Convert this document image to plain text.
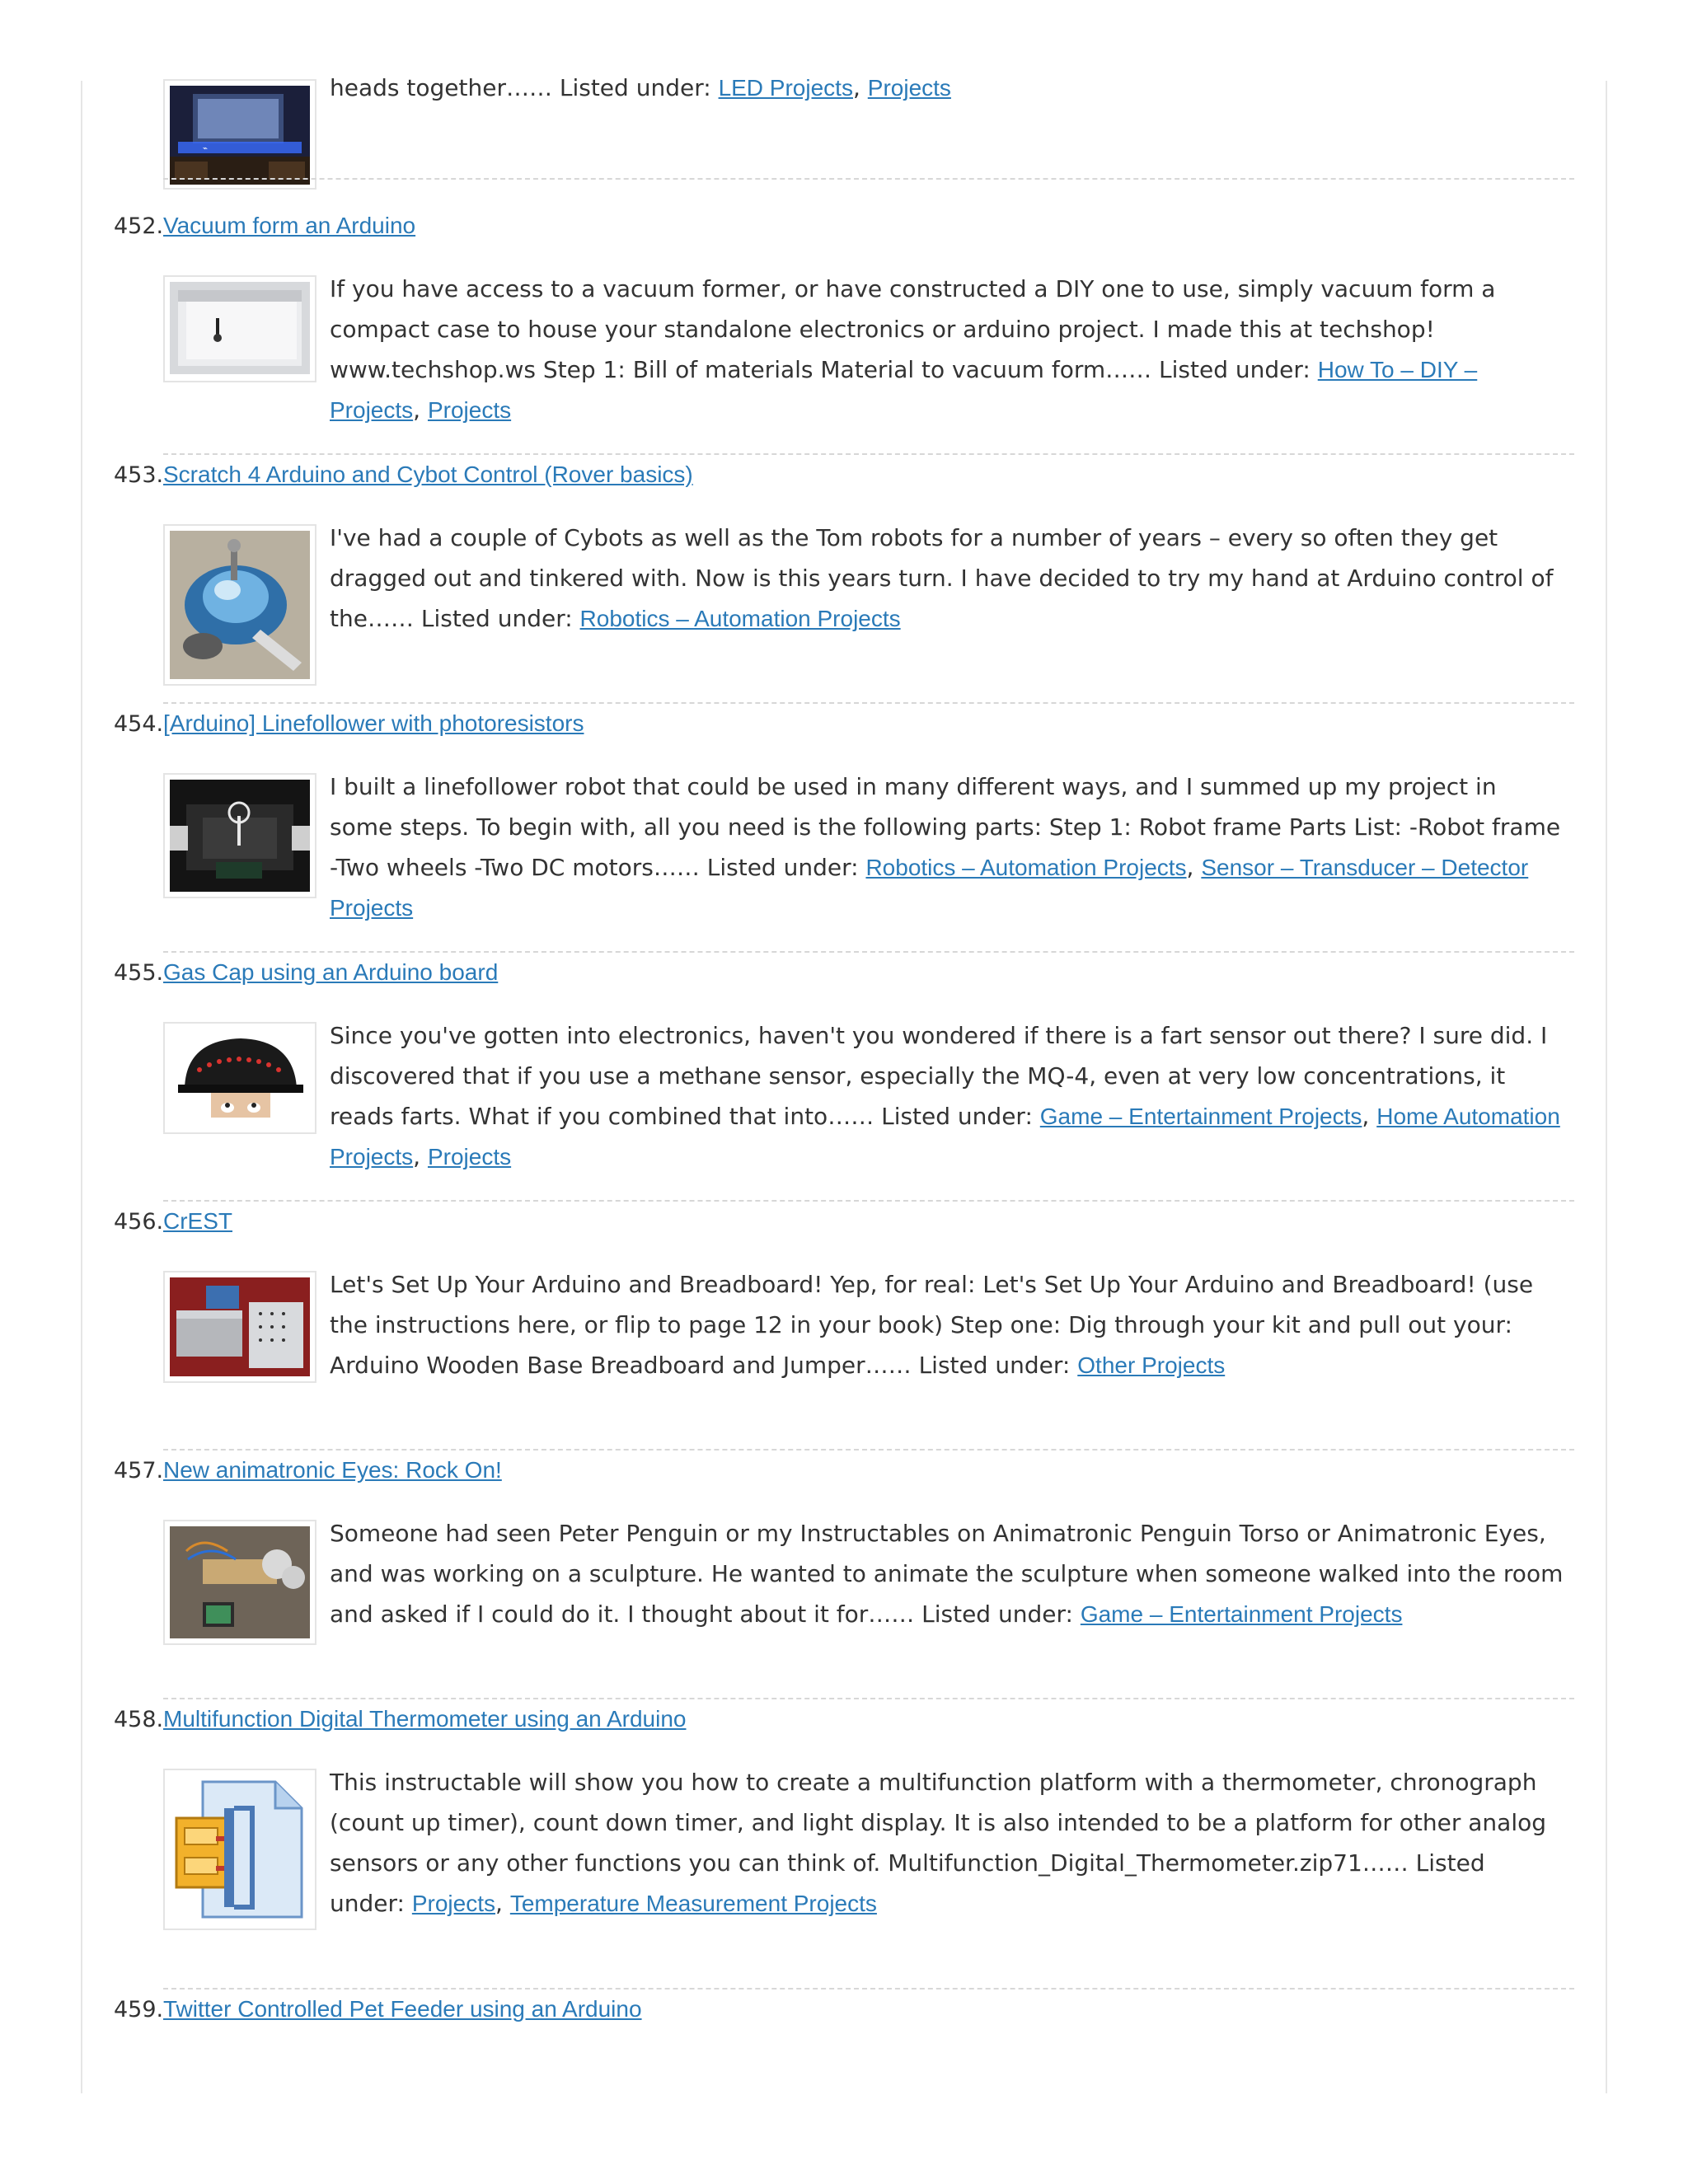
⌁
heads together…… Listed under: LED Projects, Projects
452. Vacuum form an Arduino
If you have access to a vacuum former, or have constructed a DIY one to use, simply vacuum form a compact case to house your standalone electronics or arduino project. I made this at techshop! www.techshop.ws Step 1: Bill of materials Material to vacuum form…… Listed under: How To – DIY – Projects, Projects
453. Scratch 4 Arduino and Cybot Control (Rover basics)
I've had a couple of Cybots as well as the Tom robots for a number of years – every so often they get dragged out and tinkered with. Now is this years turn. I have decided to try my hand at Arduino control of the…… Listed under: Robotics – Automation Projects
454. [Arduino] Linefollower with photoresistors
I built a linefollower robot that could be used in many different ways, and I summed up my project in some steps. To begin with, all you need is the following parts: Step 1: Robot frame Parts List: -Robot frame -Two wheels -Two DC motors…… Listed under: Robotics – Automation Projects, Sensor – Transducer – Detector Projects
455. Gas Cap using an Arduino board
Since you've gotten into electronics, haven't you wondered if there is a fart sensor out there? I sure did. I discovered that if you use a methane sensor, especially the MQ-4, even at very low concentrations, it reads farts. What if you combined that into…… Listed under: Game – Entertainment Projects, Home Automation Projects, Projects
456. CrEST
Let's Set Up Your Arduino and Breadboard! Yep, for real: Let's Set Up Your Arduino and Breadboard! (use the instructions here, or flip to page 12 in your book) Step one: Dig through your kit and pull out your: Arduino Wooden Base Breadboard and Jumper…… Listed under: Other Projects
457. New animatronic Eyes: Rock On!
Someone had seen Peter Penguin or my Instructables on Animatronic Penguin Torso or Animatronic Eyes, and was working on a sculpture. He wanted to animate the sculpture when someone walked into the room and asked if I could do it. I thought about it for…… Listed under: Game – Entertainment Projects
458. Multifunction Digital Thermometer using an Arduino
This instructable will show you how to create a multifunction platform with a thermometer, chronograph (count up timer), count down timer, and light display. It is also intended to be a platform for other analog sensors or any other functions you can think of. Multifunction_Digital_Thermometer.zip71…… Listed under: Projects, Temperature Measurement Projects
459. Twitter Controlled Pet Feeder using an Arduino
